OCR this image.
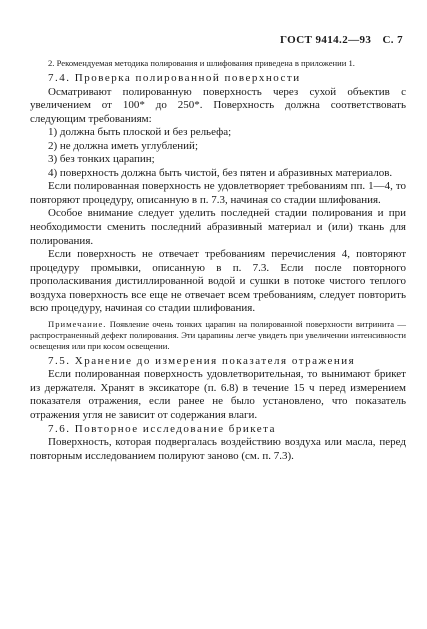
ГОСТ 9414.2—93 С. 7

2. Рекомендуемая методика полирования и шлифования приведена в приложении 1.

7.4. Проверка полированной поверхности

Осматривают полированную поверхность через сухой объектив с увеличением от 100* до 250*. Поверхность должна соответствовать следующим требованиям:

1) должна быть плоской и без рельефа;

2) не должна иметь углублений;

3) без тонких царапин;

4) поверхность должна быть чистой, без пятен и абразивных материалов.

Если полированная поверхность не удовлетворяет требованиям пп. 1—4, то повторяют процедуру, описанную в п. 7.3, начиная со стадии шлифования.

Особое внимание следует уделить последней стадии полирования и при необходимости сменить последний абразивный материал и (или) ткань для полирования.

Если поверхность не отвечает требованиям перечисления 4, повторяют процедуру промывки, описанную в п. 7.3. Если после повторного прополаскивания дистиллированной водой и сушки в потоке чистого теплого воздуха поверхность все еще не отвечает всем требованиям, следует повторить всю процедуру, начиная со стадии шлифования.

Примечание. Появление очень тонких царапин на полированной поверхности витринита — распространенный дефект полирования. Эти царапины легче увидеть при увеличении интенсивности освещения или при косом освещении.

7.5. Хранение до измерения показателя отражения

Если полированная поверхность удовлетворительная, то вынимают брикет из держателя. Хранят в эксикаторе (п. 6.8) в течение 15 ч перед измерением показателя отражения, если ранее не было установлено, что показатель отражения угля не зависит от содержания влаги.

7.6. Повторное исследование брикета

Поверхность, которая подвергалась воздействию воздуха или масла, перед повторным исследованием полируют заново (см. п. 7.3).
